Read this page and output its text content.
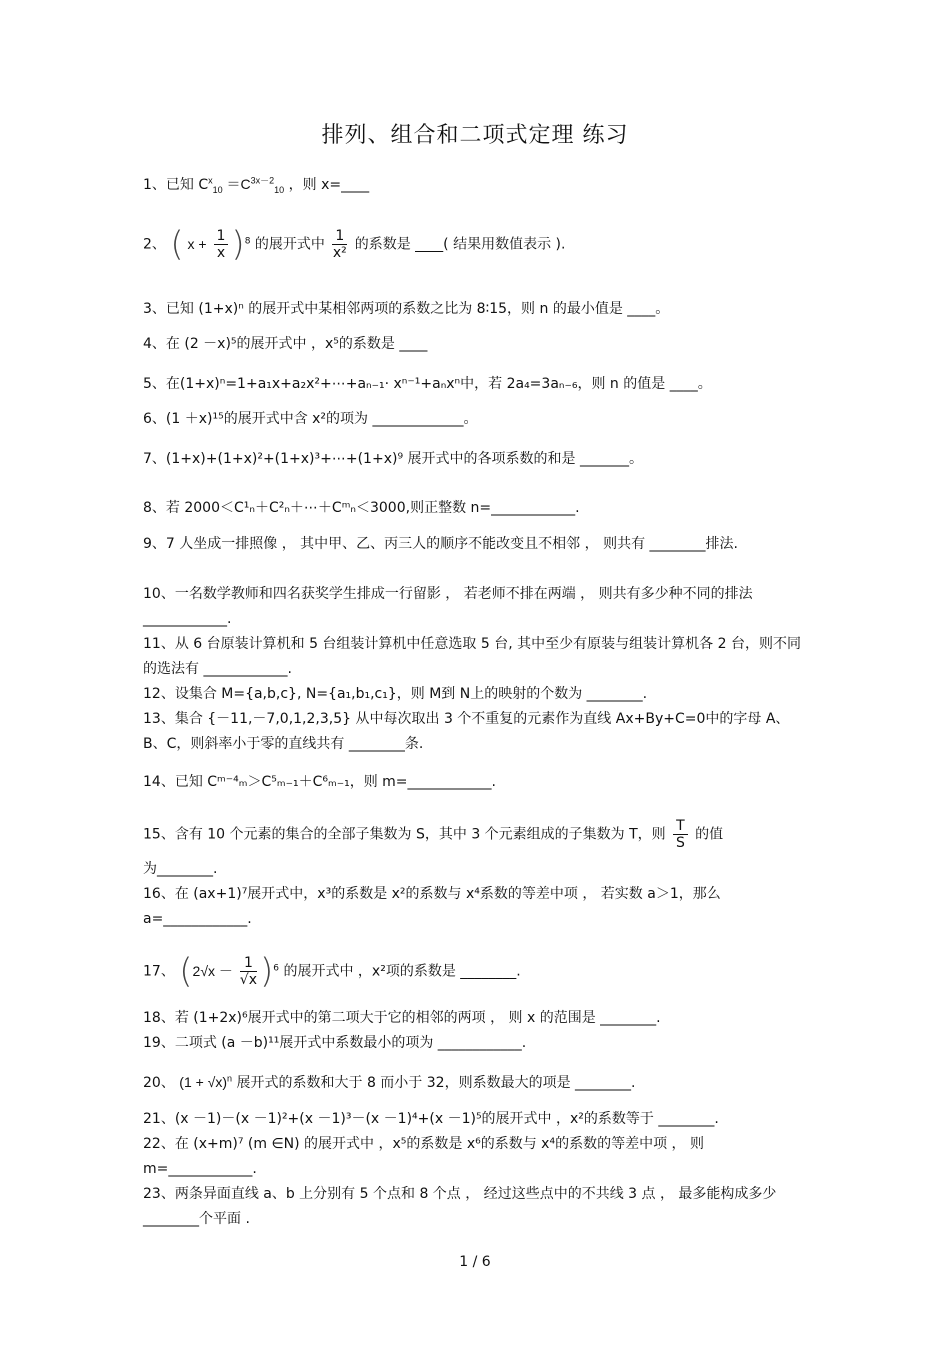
排列、组合和二项式定理 练习
1、已知 $C^x_{10} =C^{3x-2}_{10}$ ，则 x=____
2、 ( $x + \frac{1}{x} )^8$ 的展开式中 $\frac{1}{\text{x²}}$ 的系数是 ____( 结果用数值表示 ).
3、已知 (1+x)ⁿ 的展开式中某相邻两项的系数之比为 8∶15，则 n 的最小值是 ____。
4、在 (2 －x)⁵的展开式中 ，x⁵的系数是 ____
5、在(1+x)ⁿ=1+a₁x+a₂x²+⋯+aₙ₋₁· xⁿ⁻¹+aₙxⁿ中，若 2a₄=3aₙ₋₆，则 n 的值是 ____。
6、(1 ＋x)¹⁵的展开式中含 x²的项为 _____________。
7、(1+x)+(1+x)²+(1+x)³+⋯+(1+x)⁹ 展开式中的各项系数的和是 _______。
8、若 2000＜C¹ₙ＋C²ₙ＋⋯＋Cᵐₙ＜3000,则正整数 n=____________.
9、7 人坐成一排照像 ， 其中甲、乙、丙三人的顺序不能改变且不相邻 ， 则共有 ________排法.
10、一名数学教师和四名获奖学生排成一行留影 ， 若老师不排在两端 ， 则共有多少种不同的排法 ____________.
11、从 6 台原装计算机和 5 台组装计算机中任意选取 5 台, 其中至少有原装与组装计算机各 2 台，则不同的选法有 ____________.
12、设集合 M={a,b,c}, N={a₁,b₁,c₁}，则 M到 N上的映射的个数为 ________.
13、集合 {－11,－7,0,1,2,3,5} 从中每次取出 3 个不重复的元素作为直线 Ax+By+C=0中的字母 A、B、C，则斜率小于零的直线共有 ________条.
14、已知 Cᵐ⁻⁴ₘ＞C⁵ₘ₋₁＋C⁶ₘ₋₁，则 m=____________.
15、含有 10 个元素的集合的全部子集数为 S，其中 3 个元素组成的子集数为 T，则 $\frac{T}{S}$ 的值
为________.
16、在 (ax+1)⁷展开式中，x³的系数是 x²的系数与 x⁴系数的等差中项 ， 若实数 a＞1，那么 a=____________.
17、 $(2√x - \frac{1}{√x} )^6$ 的展开式中 ，x²项的系数是 ________.
18、若 (1+2x)⁶展开式中的第二项大于它的相邻的两项 ， 则 x 的范围是 ________.
19、二项式 (a －b)¹¹展开式中系数最小的项为 ____________.
20、 $(1 + √x)^n$ 展开式的系数和大于 8 而小于 32，则系数最大的项是 ________.
21、(x －1)－(x －1)²+(x －1)³－(x －1)⁴+(x －1)⁵的展开式中 ，x²的系数等于 ________.
22、在 (x+m)⁷ (m ∈N) 的展开式中 ，x⁵的系数是 x⁶的系数与 x⁴的系数的等差中项 ， 则 m=____________.
23、两条异面直线 a、b 上分别有 5 个点和 8 个点 ， 经过这些点中的不共线 3 点 ， 最多能构成多少 ________个平面 .
1 / 6
